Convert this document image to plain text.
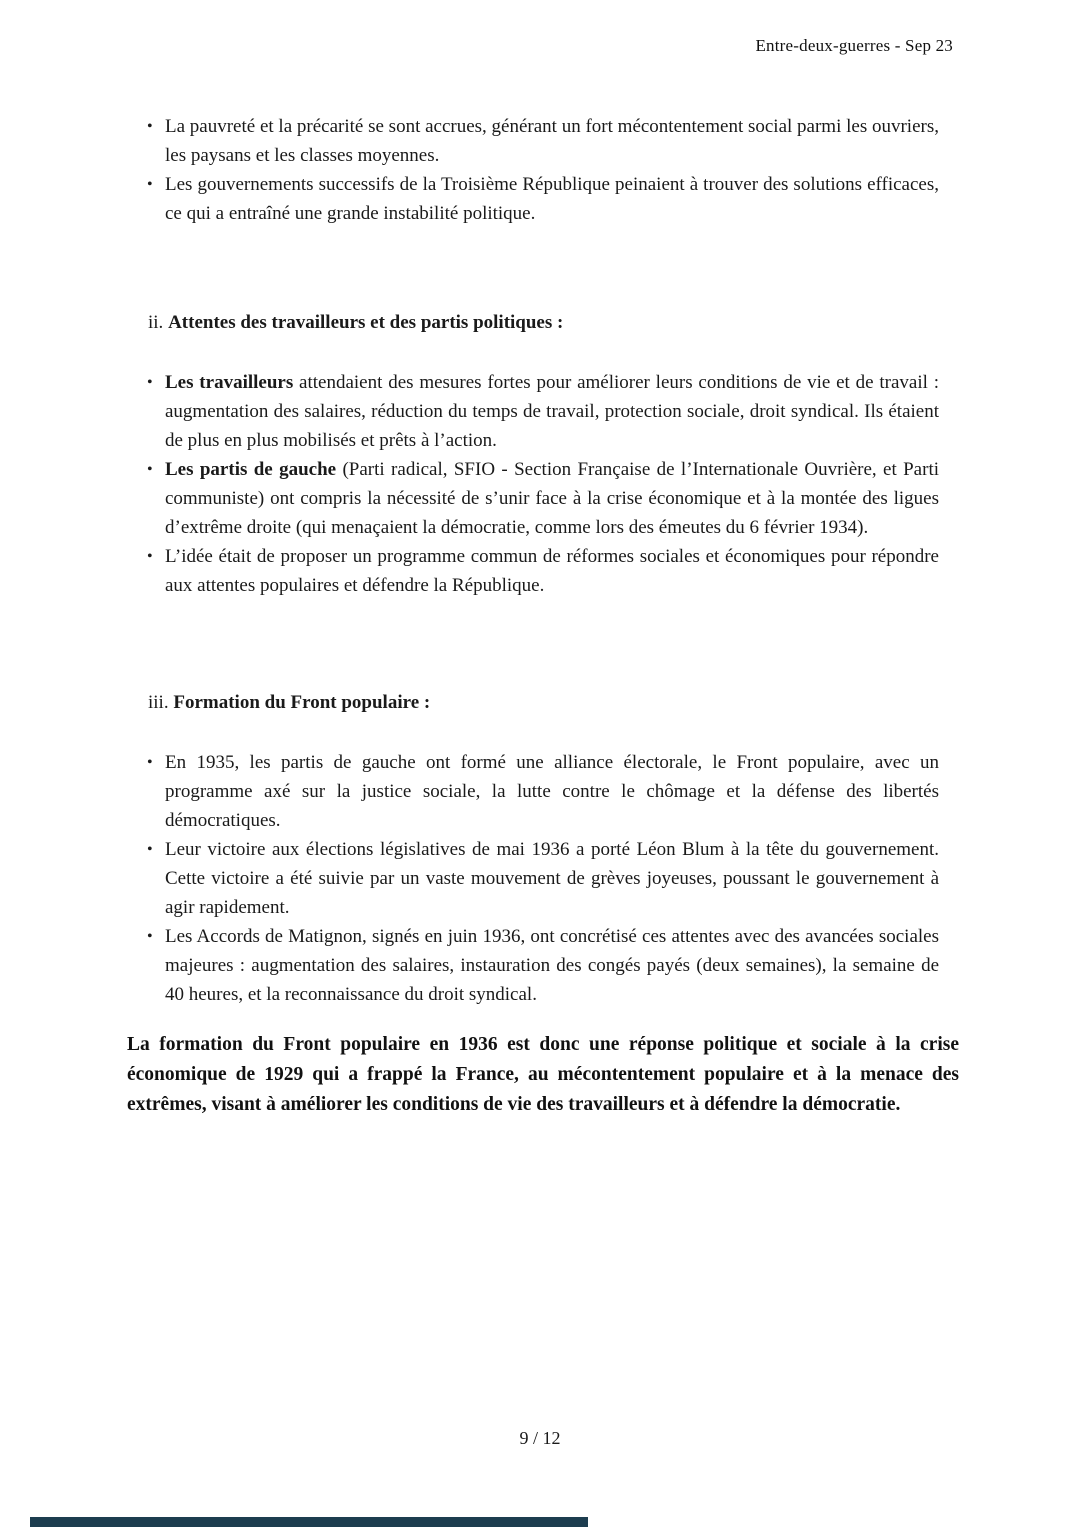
Entre-deux-guerres - Sep 23
• La pauvreté et la précarité se sont accrues, générant un fort mécontentement social parmi les ouvriers, les paysans et les classes moyennes.
• Les gouvernements successifs de la Troisième République peinaient à trouver des solutions efficaces, ce qui a entraîné une grande instabilité politique.
ii. Attentes des travailleurs et des partis politiques :
• Les travailleurs attendaient des mesures fortes pour améliorer leurs conditions de vie et de travail : augmentation des salaires, réduction du temps de travail, protection sociale, droit syndical. Ils étaient de plus en plus mobilisés et prêts à l’action.
• Les partis de gauche (Parti radical, SFIO - Section Française de l’Internationale Ouvrière, et Parti communiste) ont compris la nécessité de s’unir face à la crise économique et à la montée des ligues d’extrême droite (qui menaçaient la démocratie, comme lors des émeutes du 6 février 1934).
• L’idée était de proposer un programme commun de réformes sociales et économiques pour répondre aux attentes populaires et défendre la République.
iii. Formation du Front populaire :
• En 1935, les partis de gauche ont formé une alliance électorale, le Front populaire, avec un programme axé sur la justice sociale, la lutte contre le chômage et la défense des libertés démocratiques.
• Leur victoire aux élections législatives de mai 1936 a porté Léon Blum à la tête du gouvernement. Cette victoire a été suivie par un vaste mouvement de grèves joyeuses, poussant le gouvernement à agir rapidement.
• Les Accords de Matignon, signés en juin 1936, ont concrétisé ces attentes avec des avancées sociales majeures : augmentation des salaires, instauration des congés payés (deux semaines), la semaine de 40 heures, et la reconnaissance du droit syndical.
La formation du Front populaire en 1936 est donc une réponse politique et sociale à la crise économique de 1929 qui a frappé la France, au mécontentement populaire et à la menace des extrêmes, visant à améliorer les conditions de vie des travailleurs et à défendre la démocratie.
9 / 12
